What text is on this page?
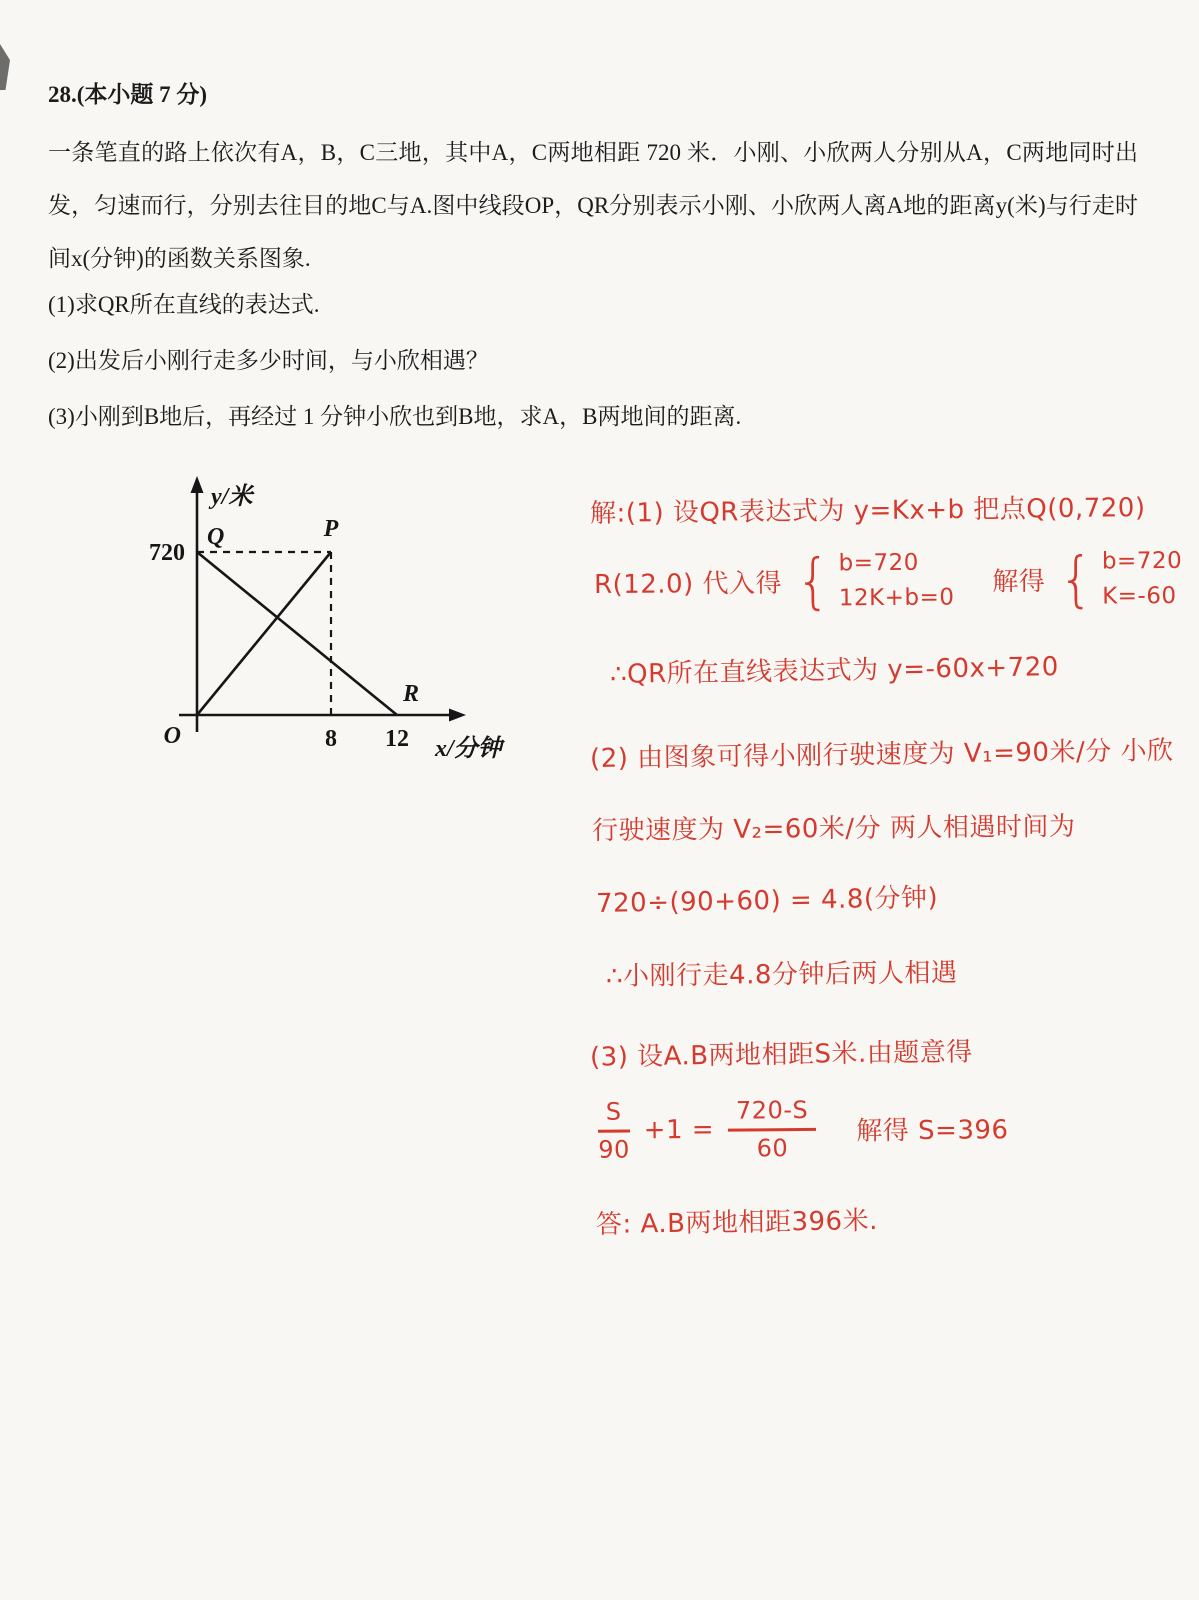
28.(本小题 7 分)
一条笔直的路上依次有A，B，C三地，其中A，C两地相距 720 米．小刚、小欣两人分别从A，C两地同时出发，匀速而行，分别去往目的地C与A.图中线段OP，QR分别表示小刚、小欣两人离A地的距离y(米)与行走时间x(分钟)的函数关系图象.
(1)求QR所在直线的表达式.
(2)出发后小刚行走多少时间，与小欣相遇？
(3)小刚到B地后，再经过 1 分钟小欣也到B地，求A，B两地间的距离.
720
Q	P
R
O	8 12
y/米
x/分钟
解:(1) 设QR表达式为 y=Kx+b 把点Q(0,720)
R(12.0) 代入得 { b=720
12K+b=0
解得 { b=720
K=-60
∴QR所在直线表达式为 y=-60x+720
(2) 由图象可得小刚行驶速度为 V₁=90米/分 小欣
行驶速度为 V₂=60米/分 两人相遇时间为
720÷(90+60) = 4.8(分钟)
∴小刚行走4.8分钟后两人相遇
(3) 设A.B两地相距S米.由题意得
$\frac{S}{90} +1 = \frac{720-S}{60}$ 解得 S=396
答: A.B两地相距396米.
